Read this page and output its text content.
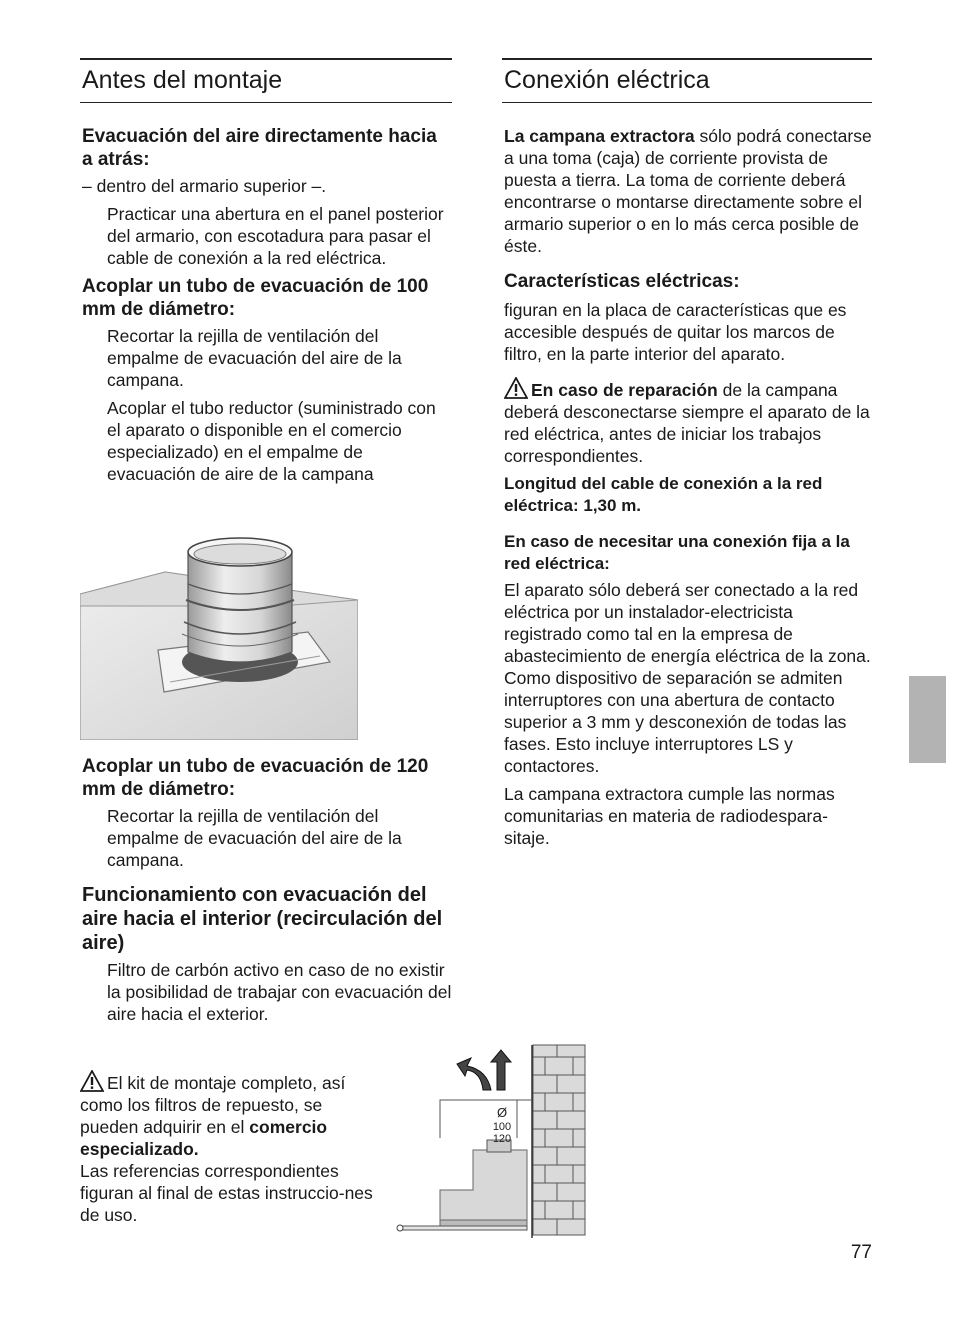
Antes del montaje
Evacuación del aire directamente hacia a atrás:
– dentro del armario superior –.
Practicar una abertura en el panel posterior del armario, con escotadura para pasar el cable de conexión a la red eléctrica.
Acoplar un tubo de evacuación de 100 mm de diámetro:
Recortar la rejilla de ventilación del empalme de evacuación del aire de la campana.
Acoplar el tubo reductor (suministrado con el aparato o disponible en el comercio especializado) en el empalme de evacuación de aire de la campana
Acoplar un tubo de evacuación de 120 mm de diámetro:
Recortar la rejilla de ventilación del empalme de evacuación del aire de la campana.
Funcionamiento con evacuación del aire hacia el interior (recirculación del aire)
Filtro de carbón activo en caso de no existir la posibilidad de trabajar con evacuación del aire hacia el exterior.
El kit de montaje completo, así como los filtros de repuesto, se pueden adquirir en el comercio especializado.
Las referencias correspondientes figuran al final de estas instruccio-nes de uso.
Ø
100
120
Conexión eléctrica
La campana extractora sólo podrá conectarse a una toma (caja) de corriente provista de puesta a tierra. La toma de corriente deberá encontrarse o montarse directamente sobre el armario superior o en lo más cerca posible de éste.
Características eléctricas:
figuran en la placa de características que es accesible después de quitar los marcos de filtro, en la parte interior del aparato.
En caso de reparación de la campana deberá desconectarse siempre el aparato de la red eléctrica, antes de iniciar los trabajos correspondientes.
Longitud del cable de conexión a la red eléctrica: 1,30 m.
En caso de necesitar una conexión fija a la red eléctrica:
El aparato sólo deberá ser conectado a la red eléctrica por un instalador-electricista registrado como tal en la empresa de abastecimiento de energía eléctrica de la zona. Como dispositivo de separación se admiten interruptores con una abertura de contacto superior a 3 mm y desconexión de todas las fases. Esto incluye interruptores LS y contactores.
La campana extractora cumple las normas comunitarias en materia de radiodespara-sitaje.
77
